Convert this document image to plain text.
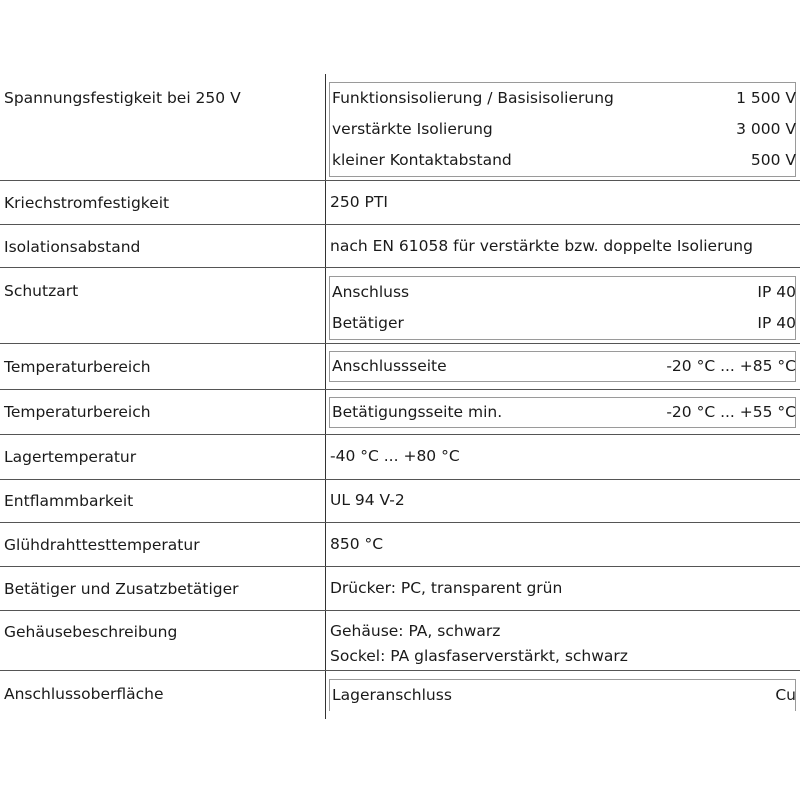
Spannungsfestigkeit bei 250 V	Funktionsisolierung / Basisisolierung	1 500 V
verstärkte Isolierung	3 000 V
kleiner Kontaktabstand	500 V
Kriechstromfestigkeit	250 PTI
Isolationsabstand	nach EN 61058 für verstärkte bzw. doppelte Isolierung
Schutzart	Anschluss	IP 40
Betätiger	IP 40
Temperaturbereich	Anschlussseite	-20 °C ... +85 °C
Temperaturbereich	Betätigungsseite min.	-20 °C ... +55 °C
Lagertemperatur	-40 °C ... +80 °C
Entflammbarkeit	UL 94 V-2
Glühdrahttesttemperatur	850 °C
Betätiger und Zusatzbetätiger	Drücker: PC, transparent grün
Gehäusebeschreibung	Gehäuse: PA, schwarz
Sockel: PA glasfaserverstärkt, schwarz
Anschlussoberfläche	Lageranschluss	Cu
